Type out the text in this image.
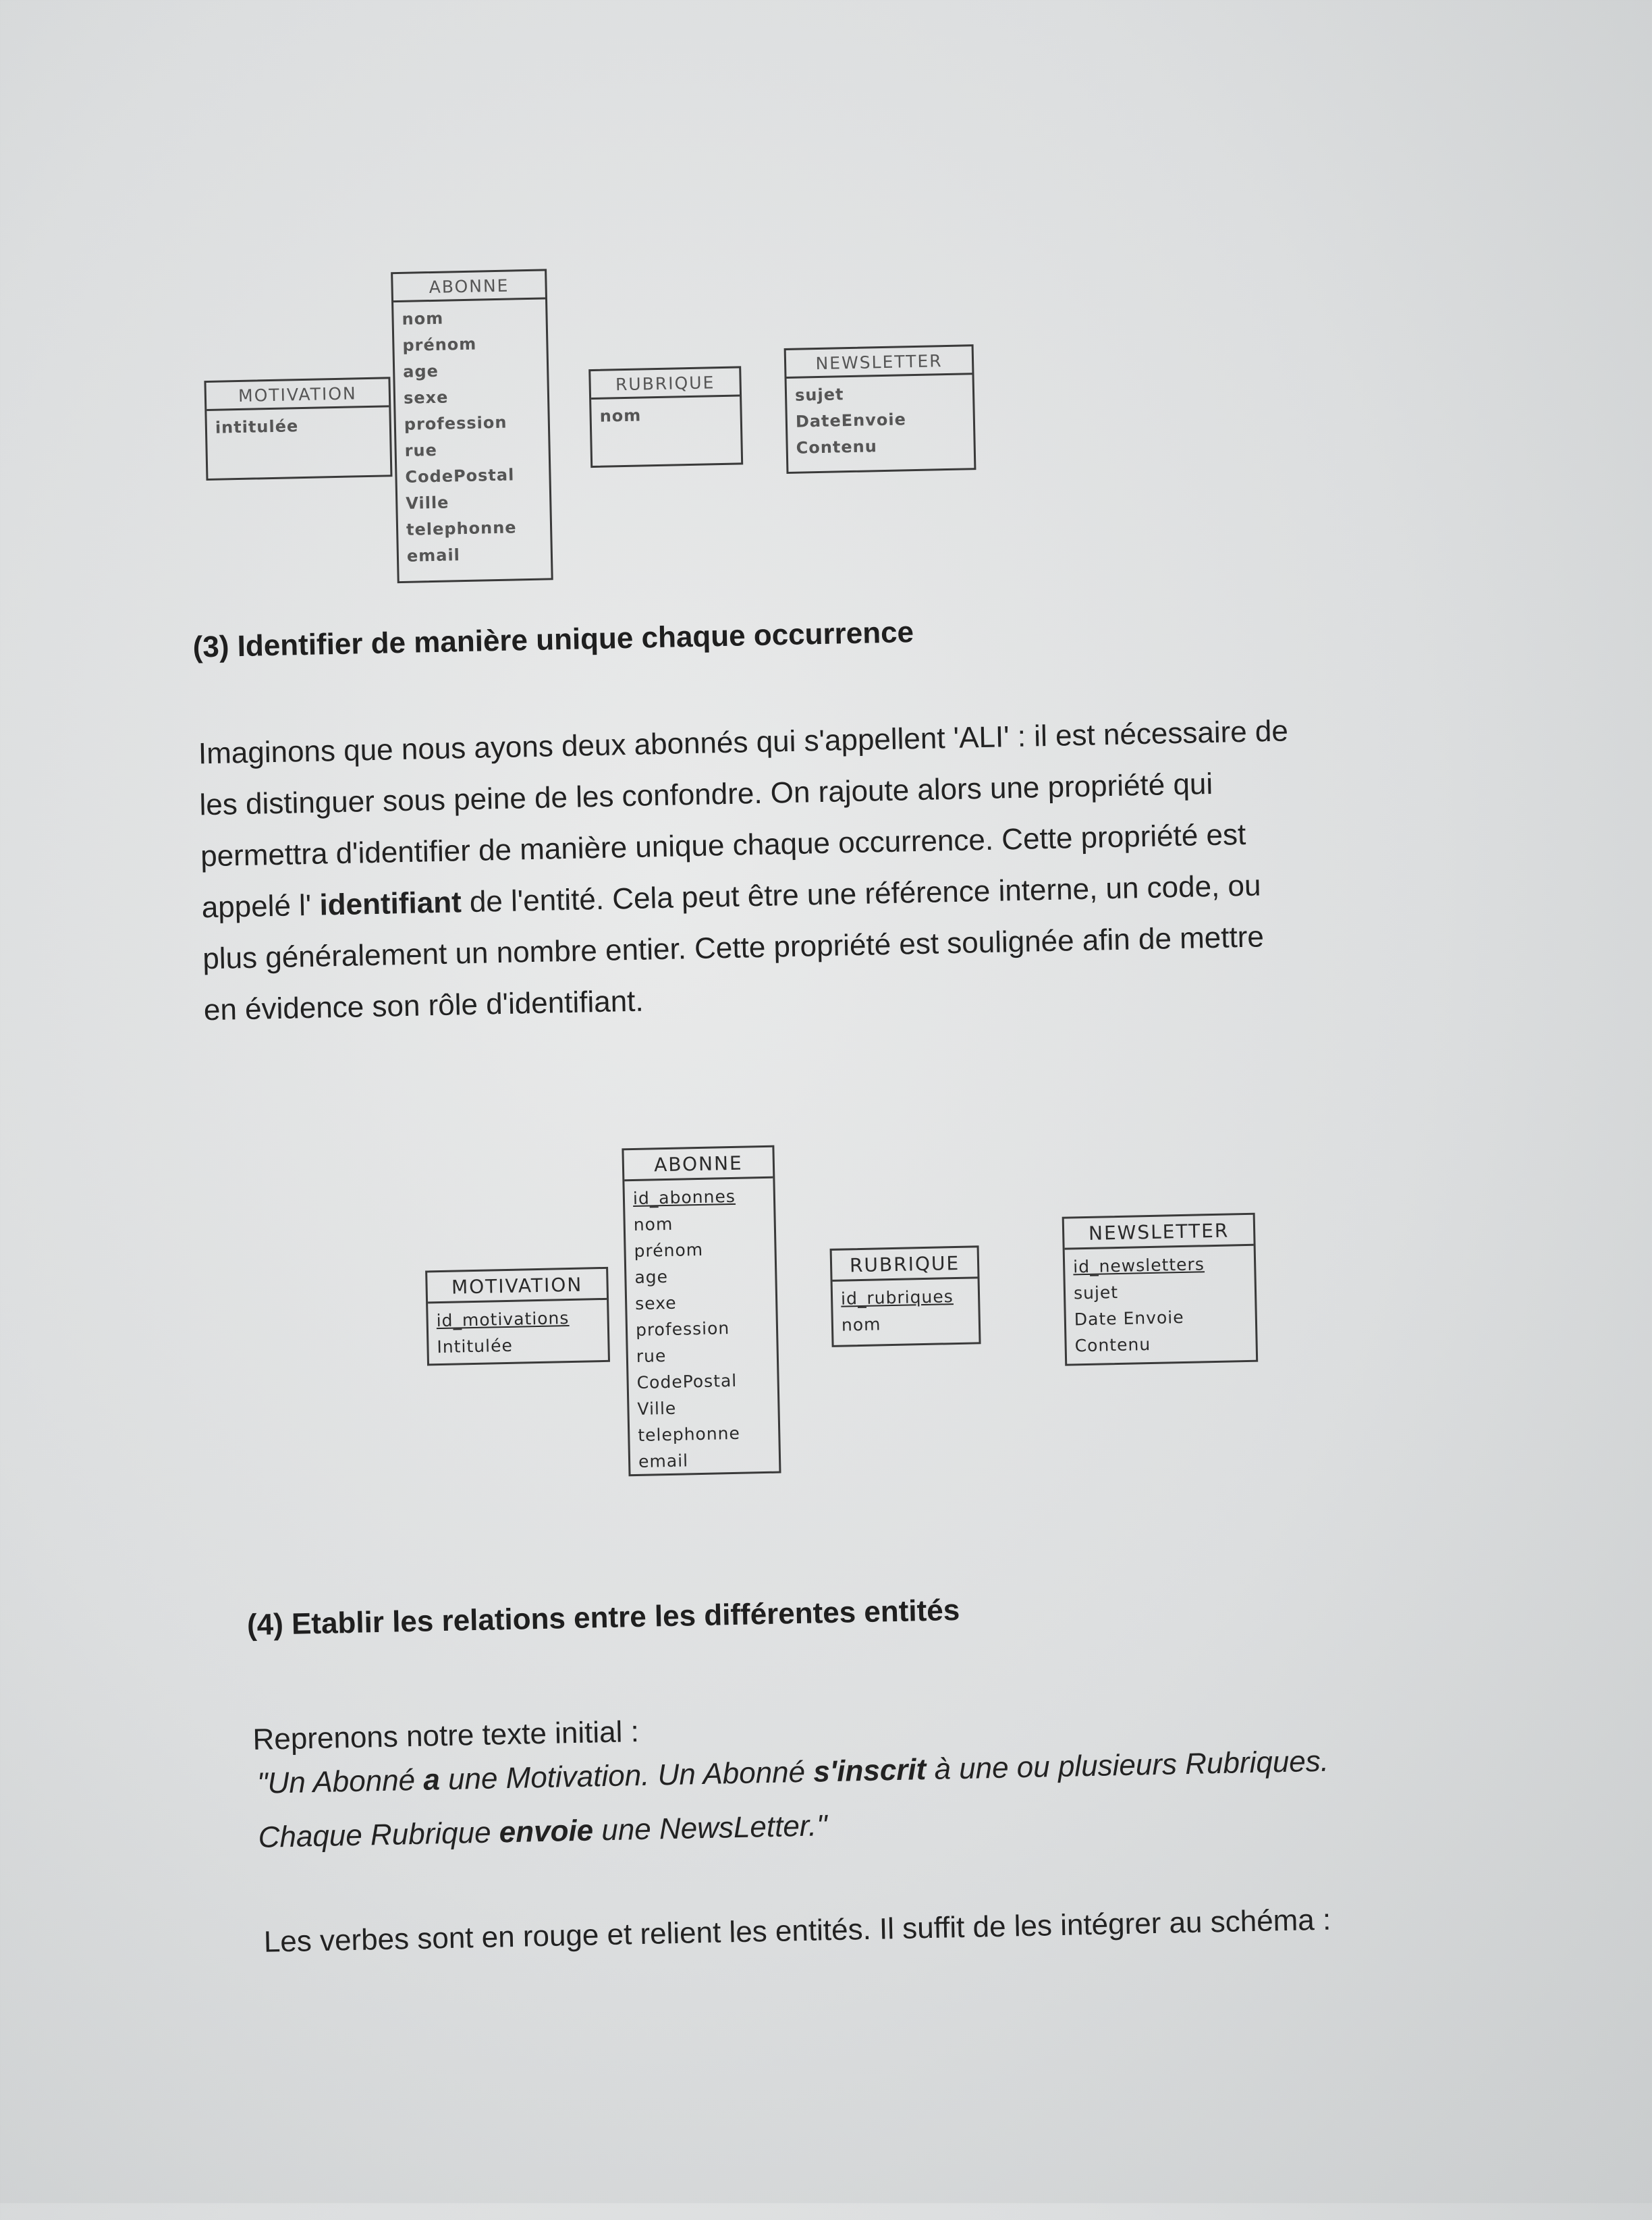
MOTIVATION
intitulée
ABONNE
nom
prénom
age
sexe
profession
rue
CodePostal
Ville
telephonne
email
RUBRIQUE
nom
NEWSLETTER
sujet
DateEnvoie
Contenu
(3) Identifier de manière unique chaque occurrence

Imaginons que nous ayons deux abonnés qui s'appellent 'ALI' : il est nécessaire de

les distinguer sous peine de les confondre. On rajoute alors une propriété qui

permettra d'identifier de manière unique chaque occurrence. Cette propriété est

appelé l' identifiant de l'entité. Cela peut être une référence interne, un code, ou

plus généralement un nombre entier. Cette propriété est soulignée afin de mettre

en évidence son rôle d'identifiant.

MOTIVATION
id_motivations
Intitulée
ABONNE
id_abonnes
nom
prénom
age
sexe
profession
rue
CodePostal
Ville
telephonne
email
RUBRIQUE
id_rubriques
nom
NEWSLETTER
id_newsletters
sujet
Date Envoie
Contenu
(4) Etablir les relations entre les différentes entités
Reprenons notre texte initial :
"Un Abonné a une Motivation. Un Abonné s'inscrit à une ou plusieurs Rubriques.
Chaque Rubrique envoie une NewsLetter."
Les verbes sont en rouge et relient les entités. Il suffit de les intégrer au schéma :
